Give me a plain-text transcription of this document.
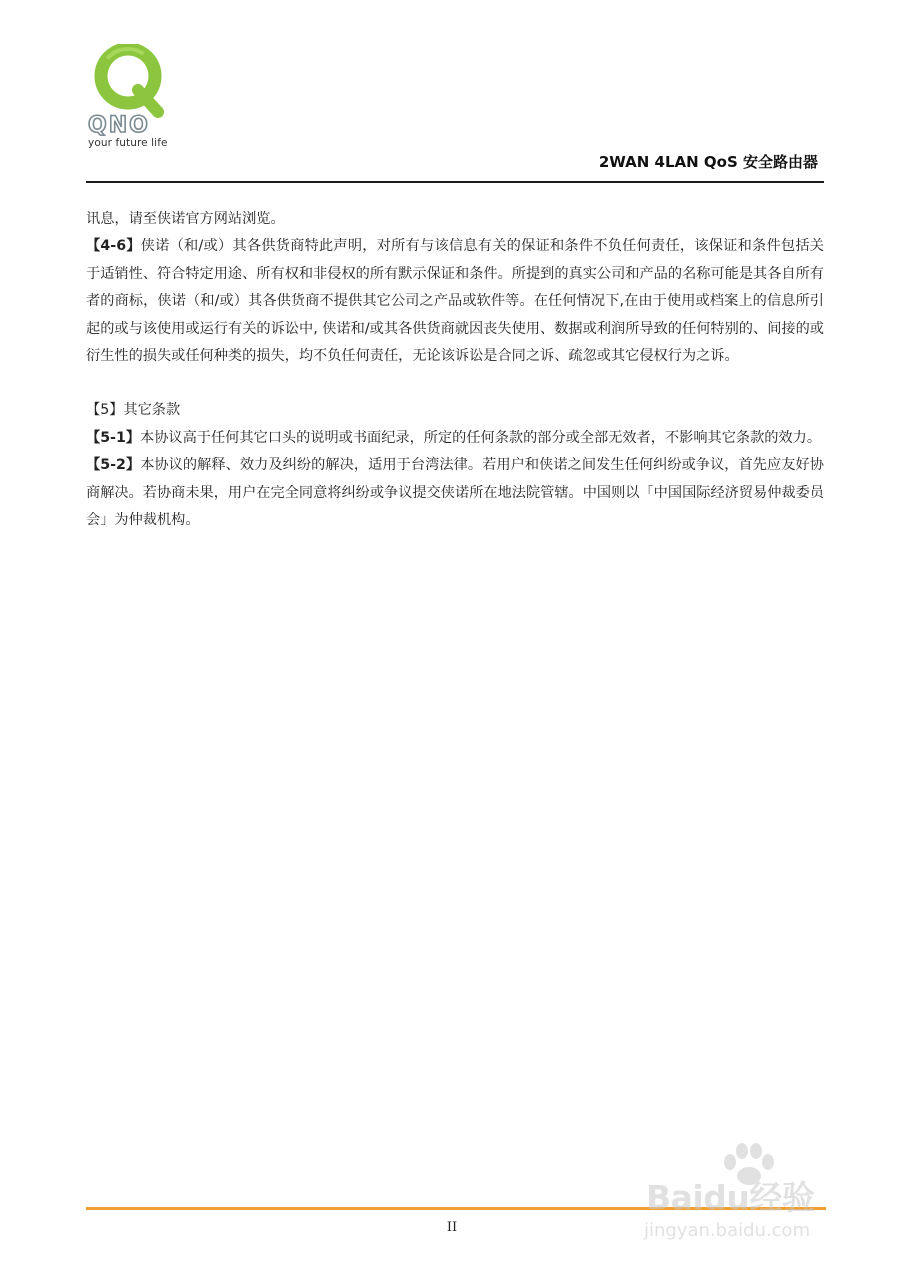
QNO
your future life
2WAN 4LAN QoS 安全路由器

讯息，请至侠诺官方网站浏览。

【4-6】侠诺（和/或）其各供货商特此声明，对所有与该信息有关的保证和条件不负任何责任，该保证和条件包括关于适销性、符合特定用途、所有权和非侵权的所有默示保证和条件。所提到的真实公司和产品的名称可能是其各自所有者的商标，侠诺（和/或）其各供货商不提供其它公司之产品或软件等。在任何情况下,在由于使用或档案上的信息所引起的或与该使用或运行有关的诉讼中, 侠诺和/或其各供货商就因丧失使用、数据或利润所导致的任何特别的、间接的或衍生性的损失或任何种类的损失，均不负任何责任，无论该诉讼是合同之诉、疏忽或其它侵权行为之诉。

【5】其它条款

【5-1】本协议高于任何其它口头的说明或书面纪录，所定的任何条款的部分或全部无效者，不影响其它条款的效力。

【5-2】本协议的解释、效力及纠纷的解决，适用于台湾法律。若用户和侠诺之间发生任何纠纷或争议，首先应友好协商解决。若协商未果，用户在完全同意将纠纷或争议提交侠诺所在地法院管辖。中国则以「中国国际经济贸易仲裁委员会」为仲裁机构。

II
Baidu经验
jingyan.baidu.com
